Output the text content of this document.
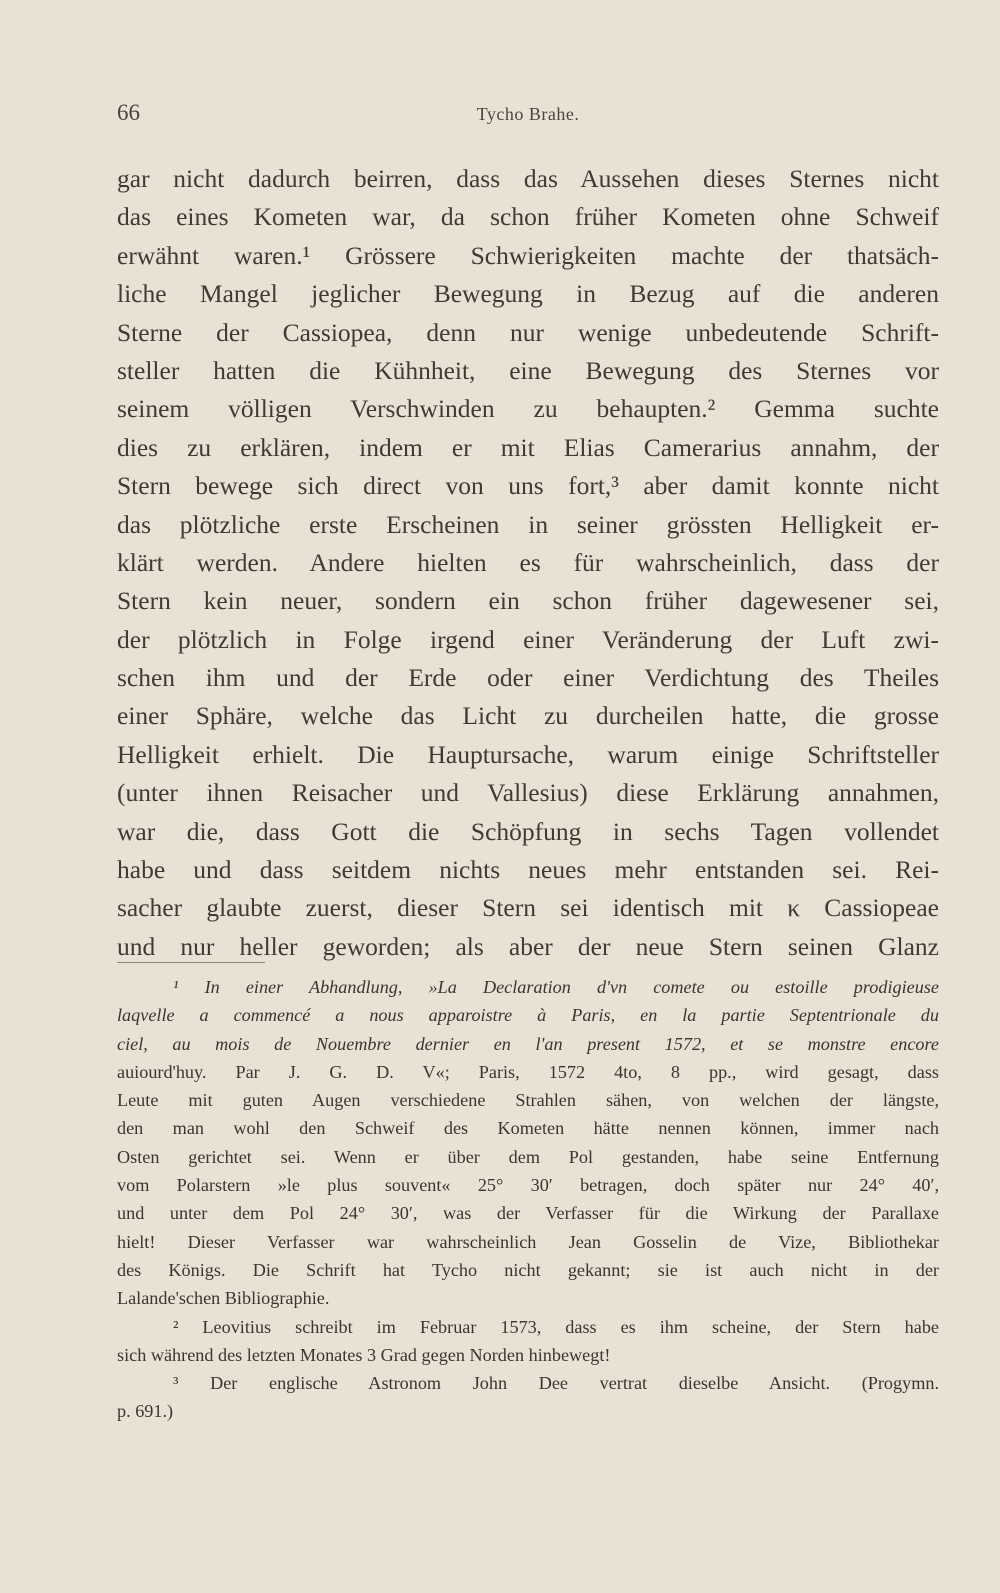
66	Tycho Brahe.
gar nicht dadurch beirren, dass das Aussehen dieses Sternes nicht
das eines Kometen war, da schon früher Kometen ohne Schweif
erwähnt waren.¹ Grössere Schwierigkeiten machte der thatsäch-
liche Mangel jeglicher Bewegung in Bezug auf die anderen
Sterne der Cassiopea, denn nur wenige unbedeutende Schrift-
steller hatten die Kühnheit, eine Bewegung des Sternes vor
seinem völligen Verschwinden zu behaupten.² Gemma suchte
dies zu erklären, indem er mit Elias Camerarius annahm, der
Stern bewege sich direct von uns fort,³ aber damit konnte nicht
das plötzliche erste Erscheinen in seiner grössten Helligkeit er-
klärt werden. Andere hielten es für wahrscheinlich, dass der
Stern kein neuer, sondern ein schon früher dagewesener sei,
der plötzlich in Folge irgend einer Veränderung der Luft zwi-
schen ihm und der Erde oder einer Verdichtung des Theiles
einer Sphäre, welche das Licht zu durcheilen hatte, die grosse
Helligkeit erhielt. Die Hauptursache, warum einige Schriftsteller
(unter ihnen Reisacher und Vallesius) diese Erklärung annahmen,
war die, dass Gott die Schöpfung in sechs Tagen vollendet
habe und dass seitdem nichts neues mehr entstanden sei. Rei-
sacher glaubte zuerst, dieser Stern sei identisch mit κ Cassiopeae
und nur heller geworden; als aber der neue Stern seinen Glanz
¹ In einer Abhandlung, »La Declaration d'vn comete ou estoille prodigieuse
laqvelle a commencé a nous apparoistre à Paris, en la partie Septentrionale du
ciel, au mois de Nouembre dernier en l'an present 1572, et se monstre encore
auiourd'huy. Par J. G. D. V«; Paris, 1572 4to, 8 pp., wird gesagt, dass
Leute mit guten Augen verschiedene Strahlen sähen, von welchen der längste,
den man wohl den Schweif des Kometen hätte nennen können, immer nach
Osten gerichtet sei. Wenn er über dem Pol gestanden, habe seine Entfernung
vom Polarstern »le plus souvent« 25° 30′ betragen, doch später nur 24° 40′,
und unter dem Pol 24° 30′, was der Verfasser für die Wirkung der Parallaxe
hielt! Dieser Verfasser war wahrscheinlich Jean Gosselin de Vize, Bibliothekar
des Königs. Die Schrift hat Tycho nicht gekannt; sie ist auch nicht in der
Lalande'schen Bibliographie.
² Leovitius schreibt im Februar 1573, dass es ihm scheine, der Stern habe
sich während des letzten Monates 3 Grad gegen Norden hinbewegt!
³ Der englische Astronom John Dee vertrat dieselbe Ansicht. (Progymn.
p. 691.)
